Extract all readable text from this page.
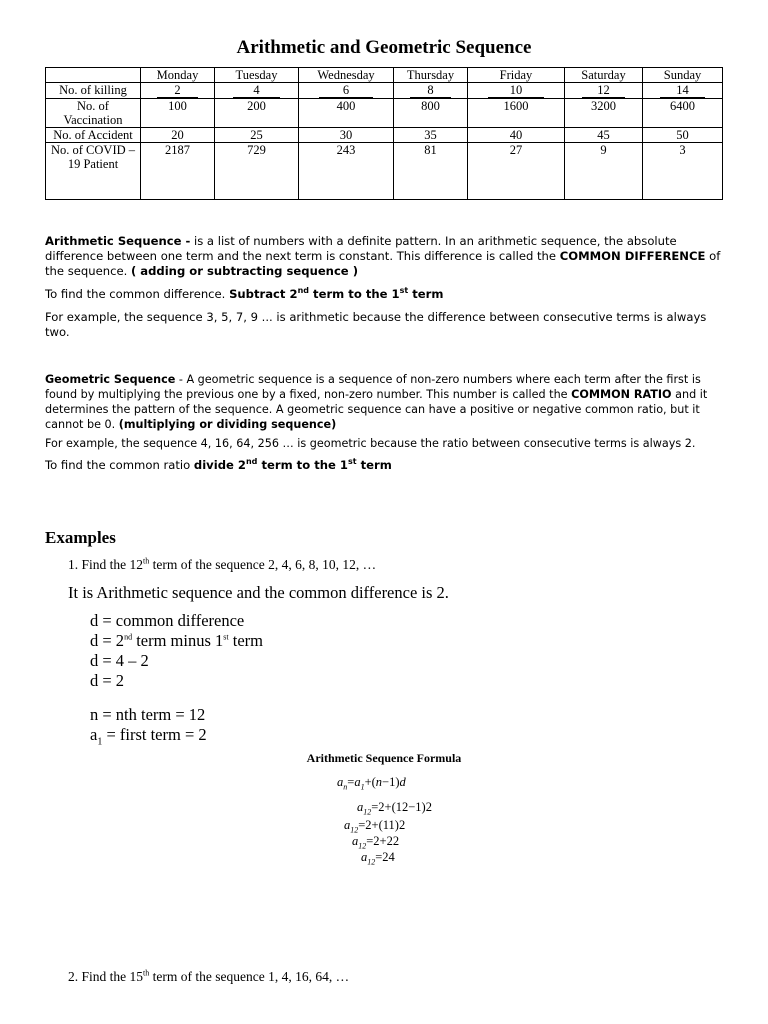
Arithmetic and Geometric Sequence
	Monday	Tuesday	Wednesday	Thursday	Friday	Saturday	Sunday
No. of killing	2	4	6	8	10	12	14
No. of Vaccination	100	200	400	800	1600	3200	6400
No. of Accident	20	25	30	35	40	45	50
No. of COVID – 19 Patient	2187	729	243	81	27	9	3
Arithmetic Sequence - is a list of numbers with a definite pattern. In an arithmetic sequence, the absolute difference between one term and the next term is constant. This difference is called the COMMON DIFFERENCE of the sequence. ( adding or subtracting sequence )
To find the common difference. Subtract 2nd term to the 1st term
For example, the sequence 3, 5, 7, 9 ... is arithmetic because the difference between consecutive terms is always two.
Geometric Sequence - A geometric sequence is a sequence of non-zero numbers where each term after the first is found by multiplying the previous one by a fixed, non-zero number. This number is called the COMMON RATIO and it determines the pattern of the sequence. A geometric sequence can have a positive or negative common ratio, but it cannot be 0. (multiplying or dividing sequence)
For example, the sequence 4, 16, 64, 256 … is geometric because the ratio between consecutive terms is always 2.
To find the common ratio divide 2nd term to the 1st term
Examples
1. Find the 12th term of the sequence 2, 4, 6, 8, 10, 12, …
It is Arithmetic sequence and the common difference is 2.
d = common difference
d = 2nd term minus 1st term
d = 4 – 2
d = 2
n = nth term = 12
$a_1$ = first term = 2
Arithmetic Sequence Formula
$a_n=a_1+(n-1)d$
$a_{12}=2+(12-1)2$
$a_{12}=2+(11)2$
$a_{12}=2+22$
$a_{12}=24$
2. Find the 15th term of the sequence 1, 4, 16, 64, …
